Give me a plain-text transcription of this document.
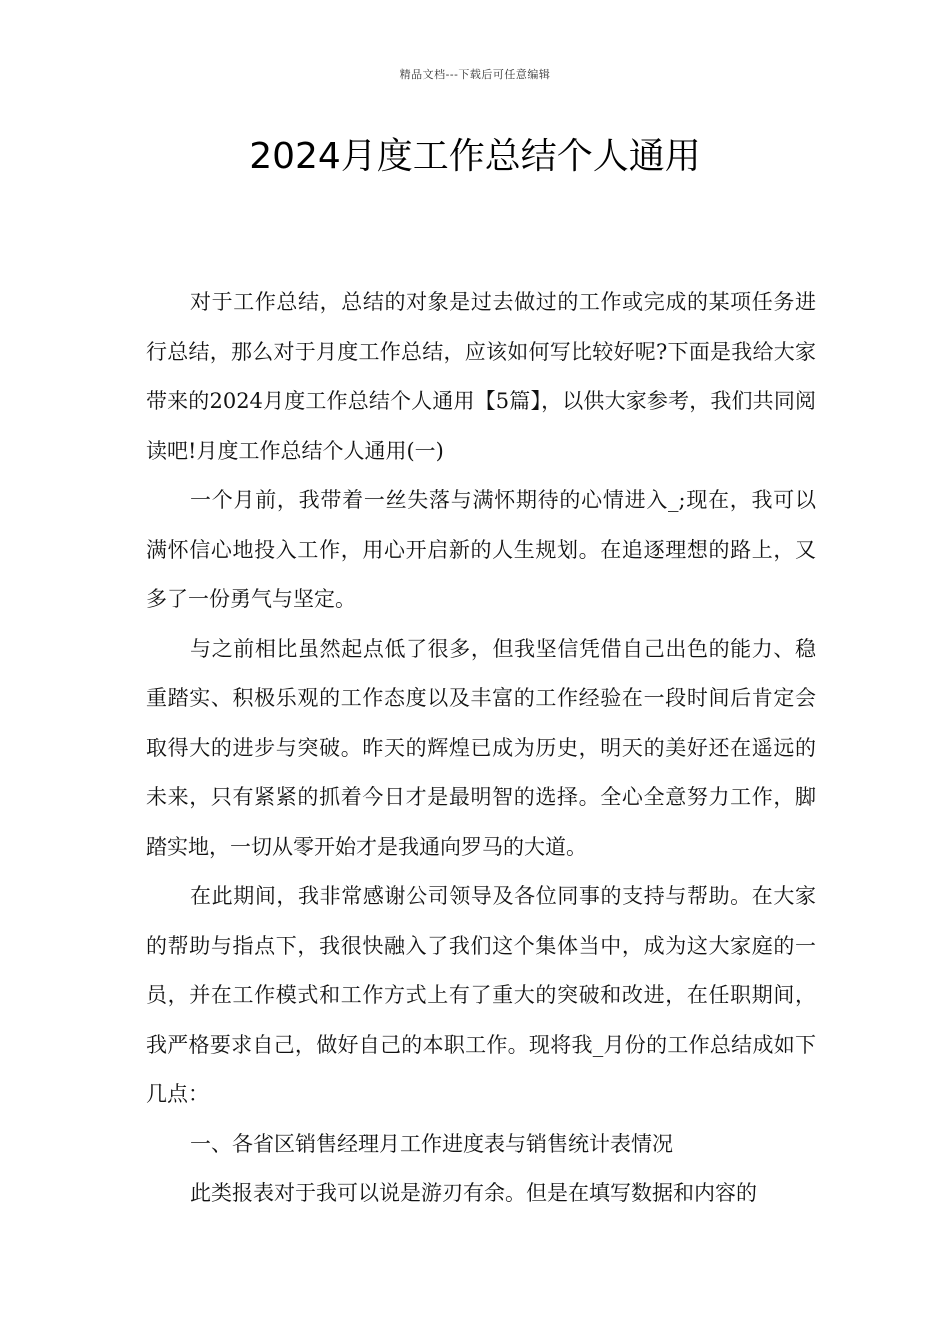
精品文档---下载后可任意编辑
2024月度工作总结个人通用

对于工作总结，总结的对象是过去做过的工作或完成的某项任务进行总结，那么对于月度工作总结，应该如何写比较好呢?下面是我给大家带来的2024月度工作总结个人通用【5篇】，以供大家参考，我们共同阅读吧!月度工作总结个人通用(一)

一个月前，我带着一丝失落与满怀期待的心情进入_;现在，我可以满怀信心地投入工作，用心开启新的人生规划。在追逐理想的路上，又多了一份勇气与坚定。

与之前相比虽然起点低了很多，但我坚信凭借自己出色的能力、稳重踏实、积极乐观的工作态度以及丰富的工作经验在一段时间后肯定会取得大的进步与突破。昨天的辉煌已成为历史，明天的美好还在遥远的未来，只有紧紧的抓着今日才是最明智的选择。全心全意努力工作，脚踏实地，一切从零开始才是我通向罗马的大道。

在此期间，我非常感谢公司领导及各位同事的支持与帮助。在大家的帮助与指点下，我很快融入了我们这个集体当中，成为这大家庭的一员，并在工作模式和工作方式上有了重大的突破和改进，在任职期间，我严格要求自己，做好自己的本职工作。现将我_月份的工作总结成如下几点：

一、各省区销售经理月工作进度表与销售统计表情况

此类报表对于我可以说是游刃有余。但是在填写数据和内容的
